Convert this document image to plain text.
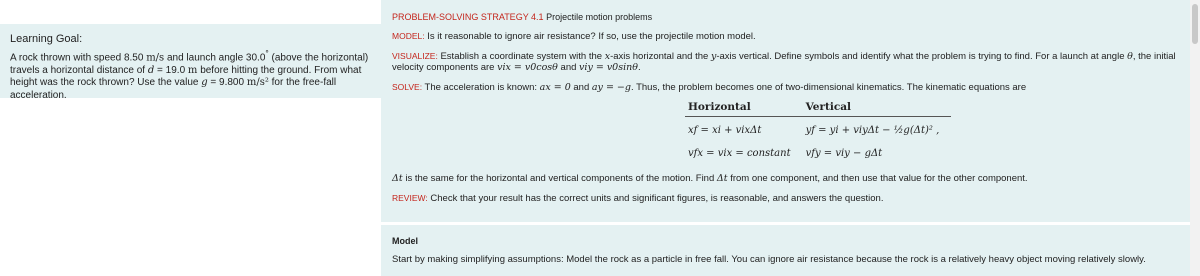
Learning Goal:
A rock thrown with speed 8.50 m/s and launch angle 30.0° (above the horizontal) travels a horizontal distance of d = 19.0 m before hitting the ground. From what height was the rock thrown? Use the value g = 9.800 m/s² for the free-fall acceleration.
PROBLEM-SOLVING STRATEGY 4.1 Projectile motion problems
MODEL: Is it reasonable to ignore air resistance? If so, use the projectile motion model.
VISUALIZE: Establish a coordinate system with the x-axis horizontal and the y-axis vertical. Define symbols and identify what the problem is trying to find. For a launch at angle θ, the initial velocity components are vix = v0cosθ and viy = v0sinθ.
SOLVE: The acceleration is known: ax = 0 and ay = −g. Thus, the problem becomes one of two-dimensional kinematics. The kinematic equations are
Horizontal	Vertical
xf = xi + vixΔt	yf = yi + viyΔt − ½g(Δt)² ,
vfx = vix = constant	vfy = viy − gΔt
Δt is the same for the horizontal and vertical components of the motion. Find Δt from one component, and then use that value for the other component.
REVIEW: Check that your result has the correct units and significant figures, is reasonable, and answers the question.
Model
Start by making simplifying assumptions: Model the rock as a particle in free fall. You can ignore air resistance because the rock is a relatively heavy object moving relatively slowly.
